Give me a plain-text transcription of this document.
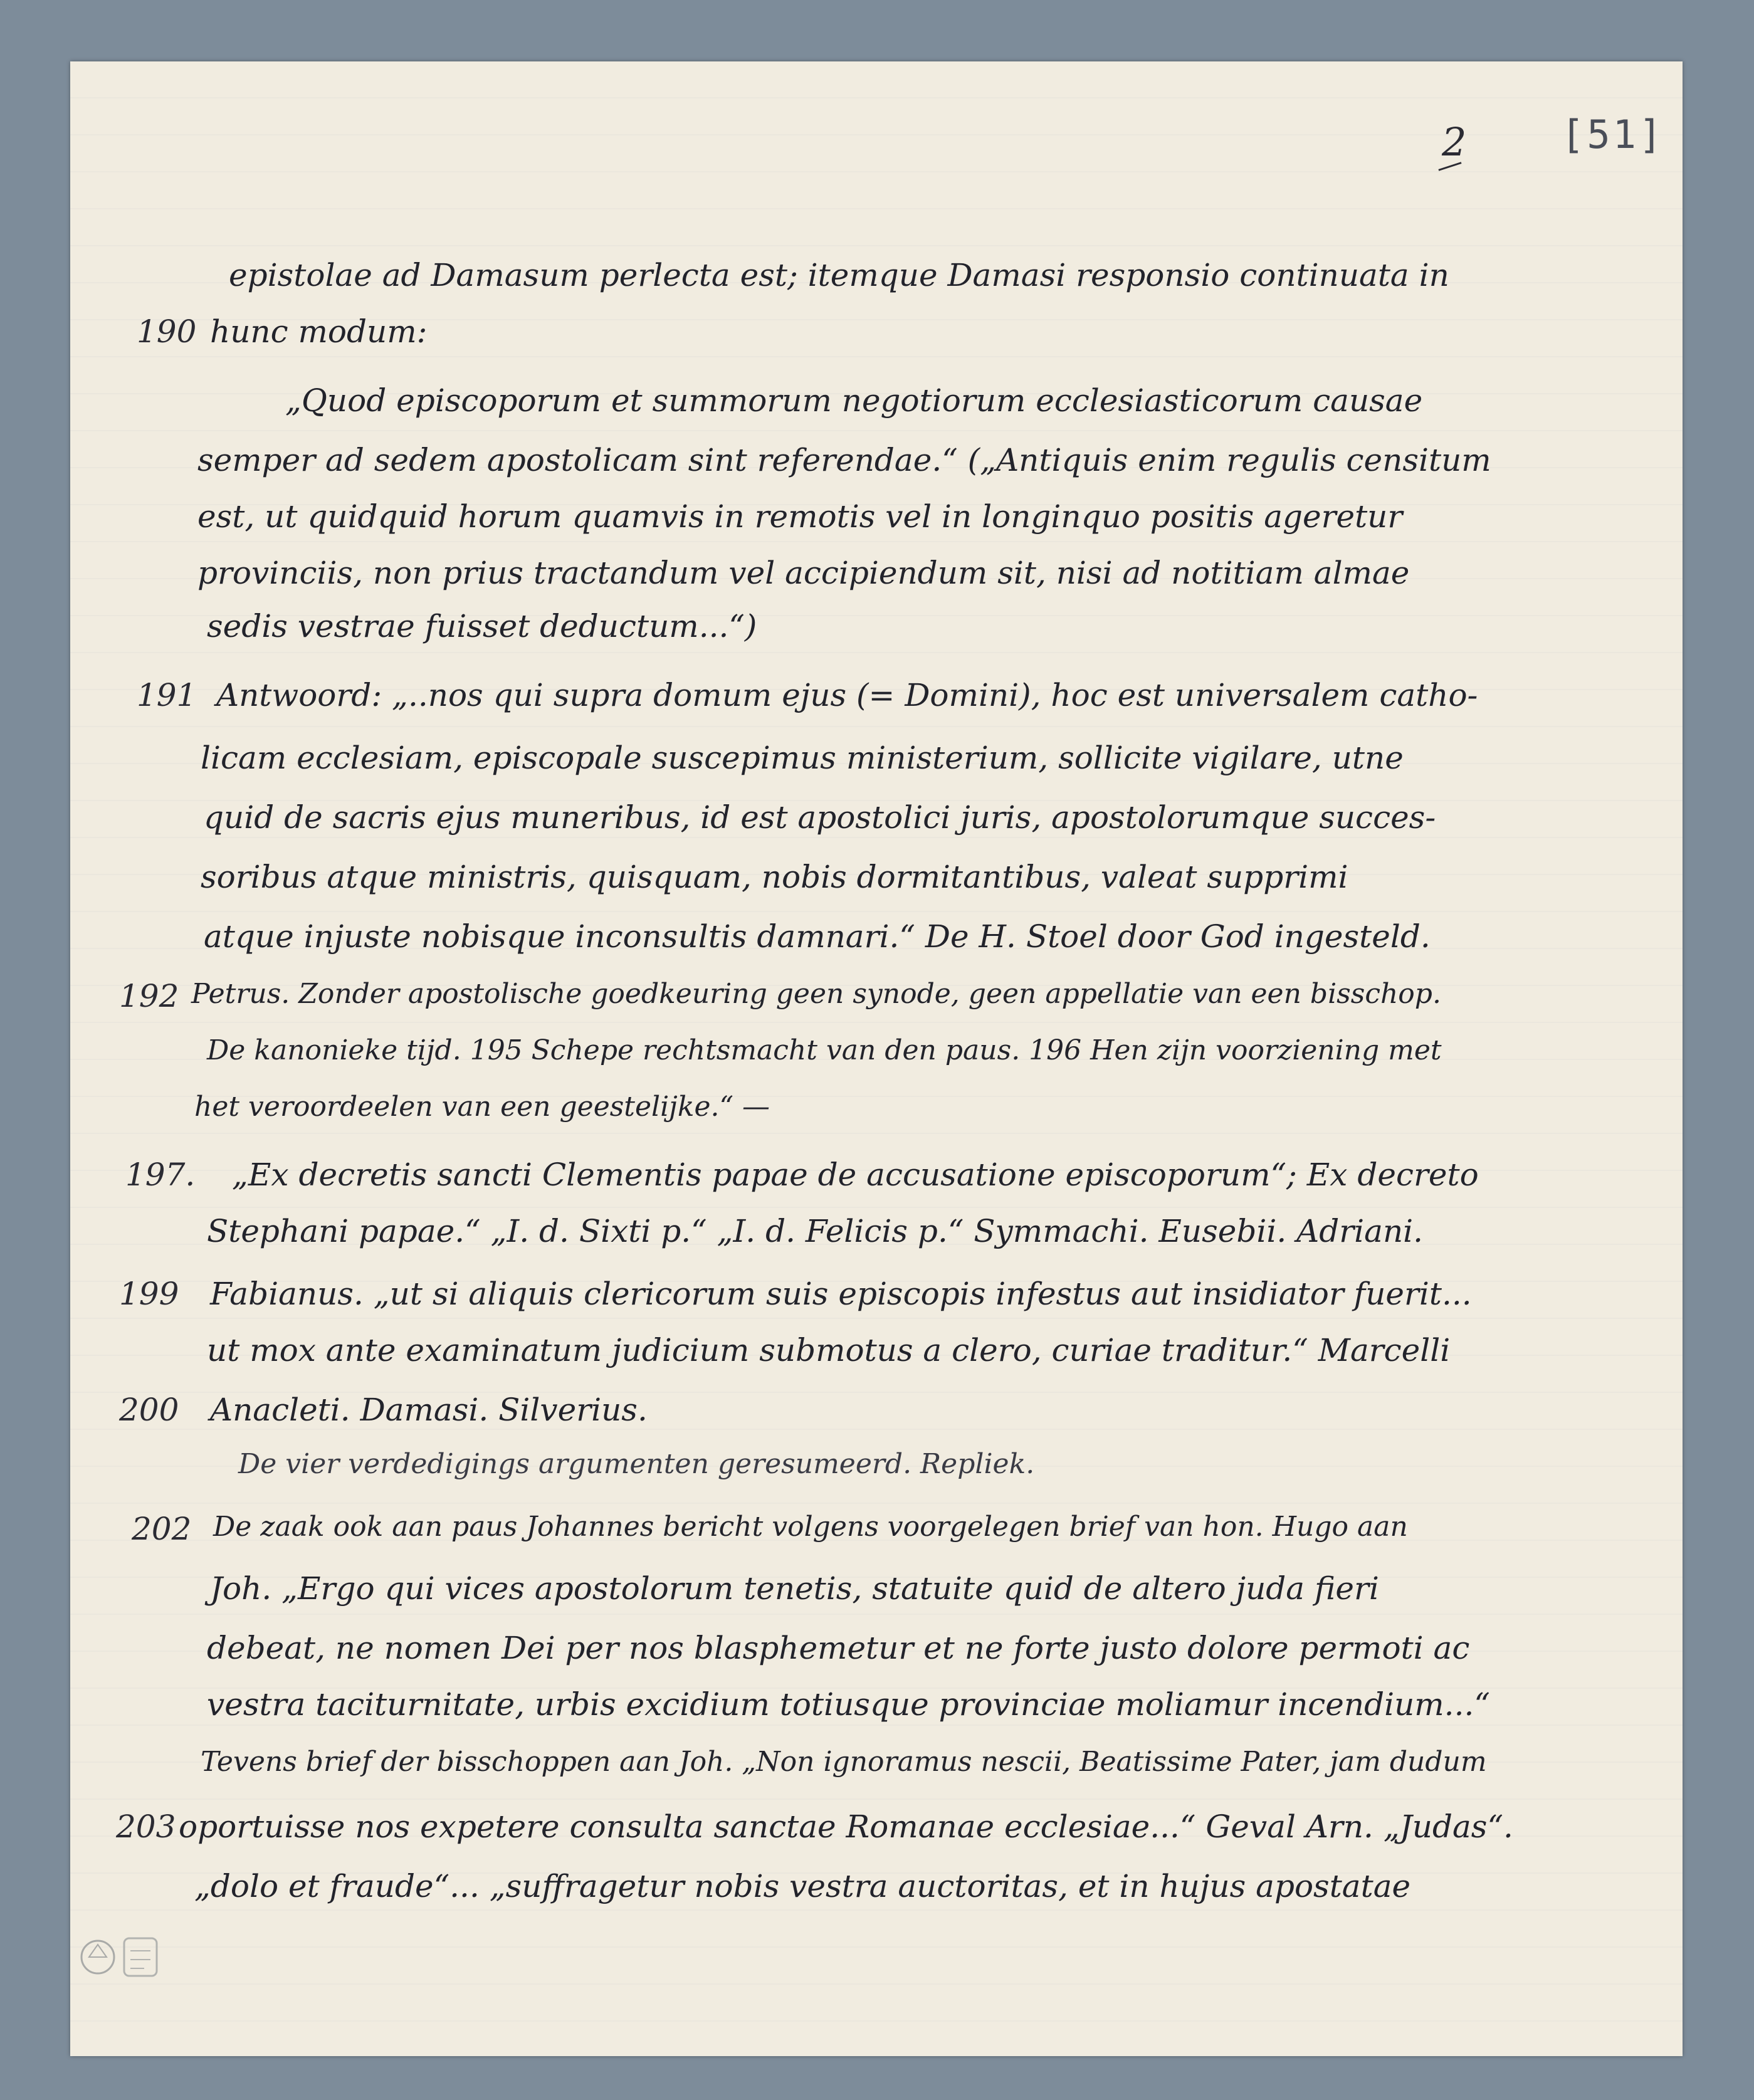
2 [51]
epistolae ad Damasum perlecta est; itemque Damasi responsio continuata in
190 hunc modum:
„Quod episcoporum et summorum negotiorum ecclesiasticorum causae
semper ad sedem apostolicam sint referendae.“ („Antiquis enim regulis censitum
est, ut quidquid horum quamvis in remotis vel in longinquo positis ageretur
provinciis, non prius tractandum vel accipiendum sit, nisi ad notitiam almae
sedis vestrae fuisset deductum...“)
191 Antwoord: „..nos qui supra domum ejus (= Domini), hoc est universalem catho-
licam ecclesiam, episcopale suscepimus ministerium, sollicite vigilare, utne
quid de sacris ejus muneribus, id est apostolici juris, apostolorumque succes-
soribus atque ministris, quisquam, nobis dormitantibus, valeat supprimi
atque injuste nobisque inconsultis damnari.“ De H. Stoel door God ingesteld.
192 Petrus. Zonder apostolische goedkeuring geen synode, geen appellatie van een bisschop.
De kanonieke tijd. 195 Schepe rechtsmacht van den paus. 196 Hen zijn voorziening met
het veroordeelen van een geestelijke.“ —
197. „Ex decretis sancti Clementis papae de accusatione episcoporum“; Ex decreto
Stephani papae.“ „I. d. Sixti p.“ „I. d. Felicis p.“ Symmachi. Eusebii. Adriani.
199 Fabianus. „ut si aliquis clericorum suis episcopis infestus aut insidiator fuerit...
ut mox ante examinatum judicium submotus a clero, curiae traditur.“ Marcelli
200 Anacleti. Damasi. Silverius.
De vier verdedigings argumenten geresumeerd. Repliek.
202 De zaak ook aan paus Johannes bericht volgens voorgelegen brief van hon. Hugo aan
Joh. „Ergo qui vices apostolorum tenetis, statuite quid de altero juda fieri
debeat, ne nomen Dei per nos blasphemetur et ne forte justo dolore permoti ac
vestra taciturnitate, urbis excidium totiusque provinciae moliamur incendium...“
Tevens brief der bisschoppen aan Joh. „Non ignoramus nescii, Beatissime Pater, jam dudum
203 oportuisse nos expetere consulta sanctae Romanae ecclesiae...“ Geval Arn. „Judas“.
„dolo et fraude“... „suffragetur nobis vestra auctoritas, et in hujus apostatae
